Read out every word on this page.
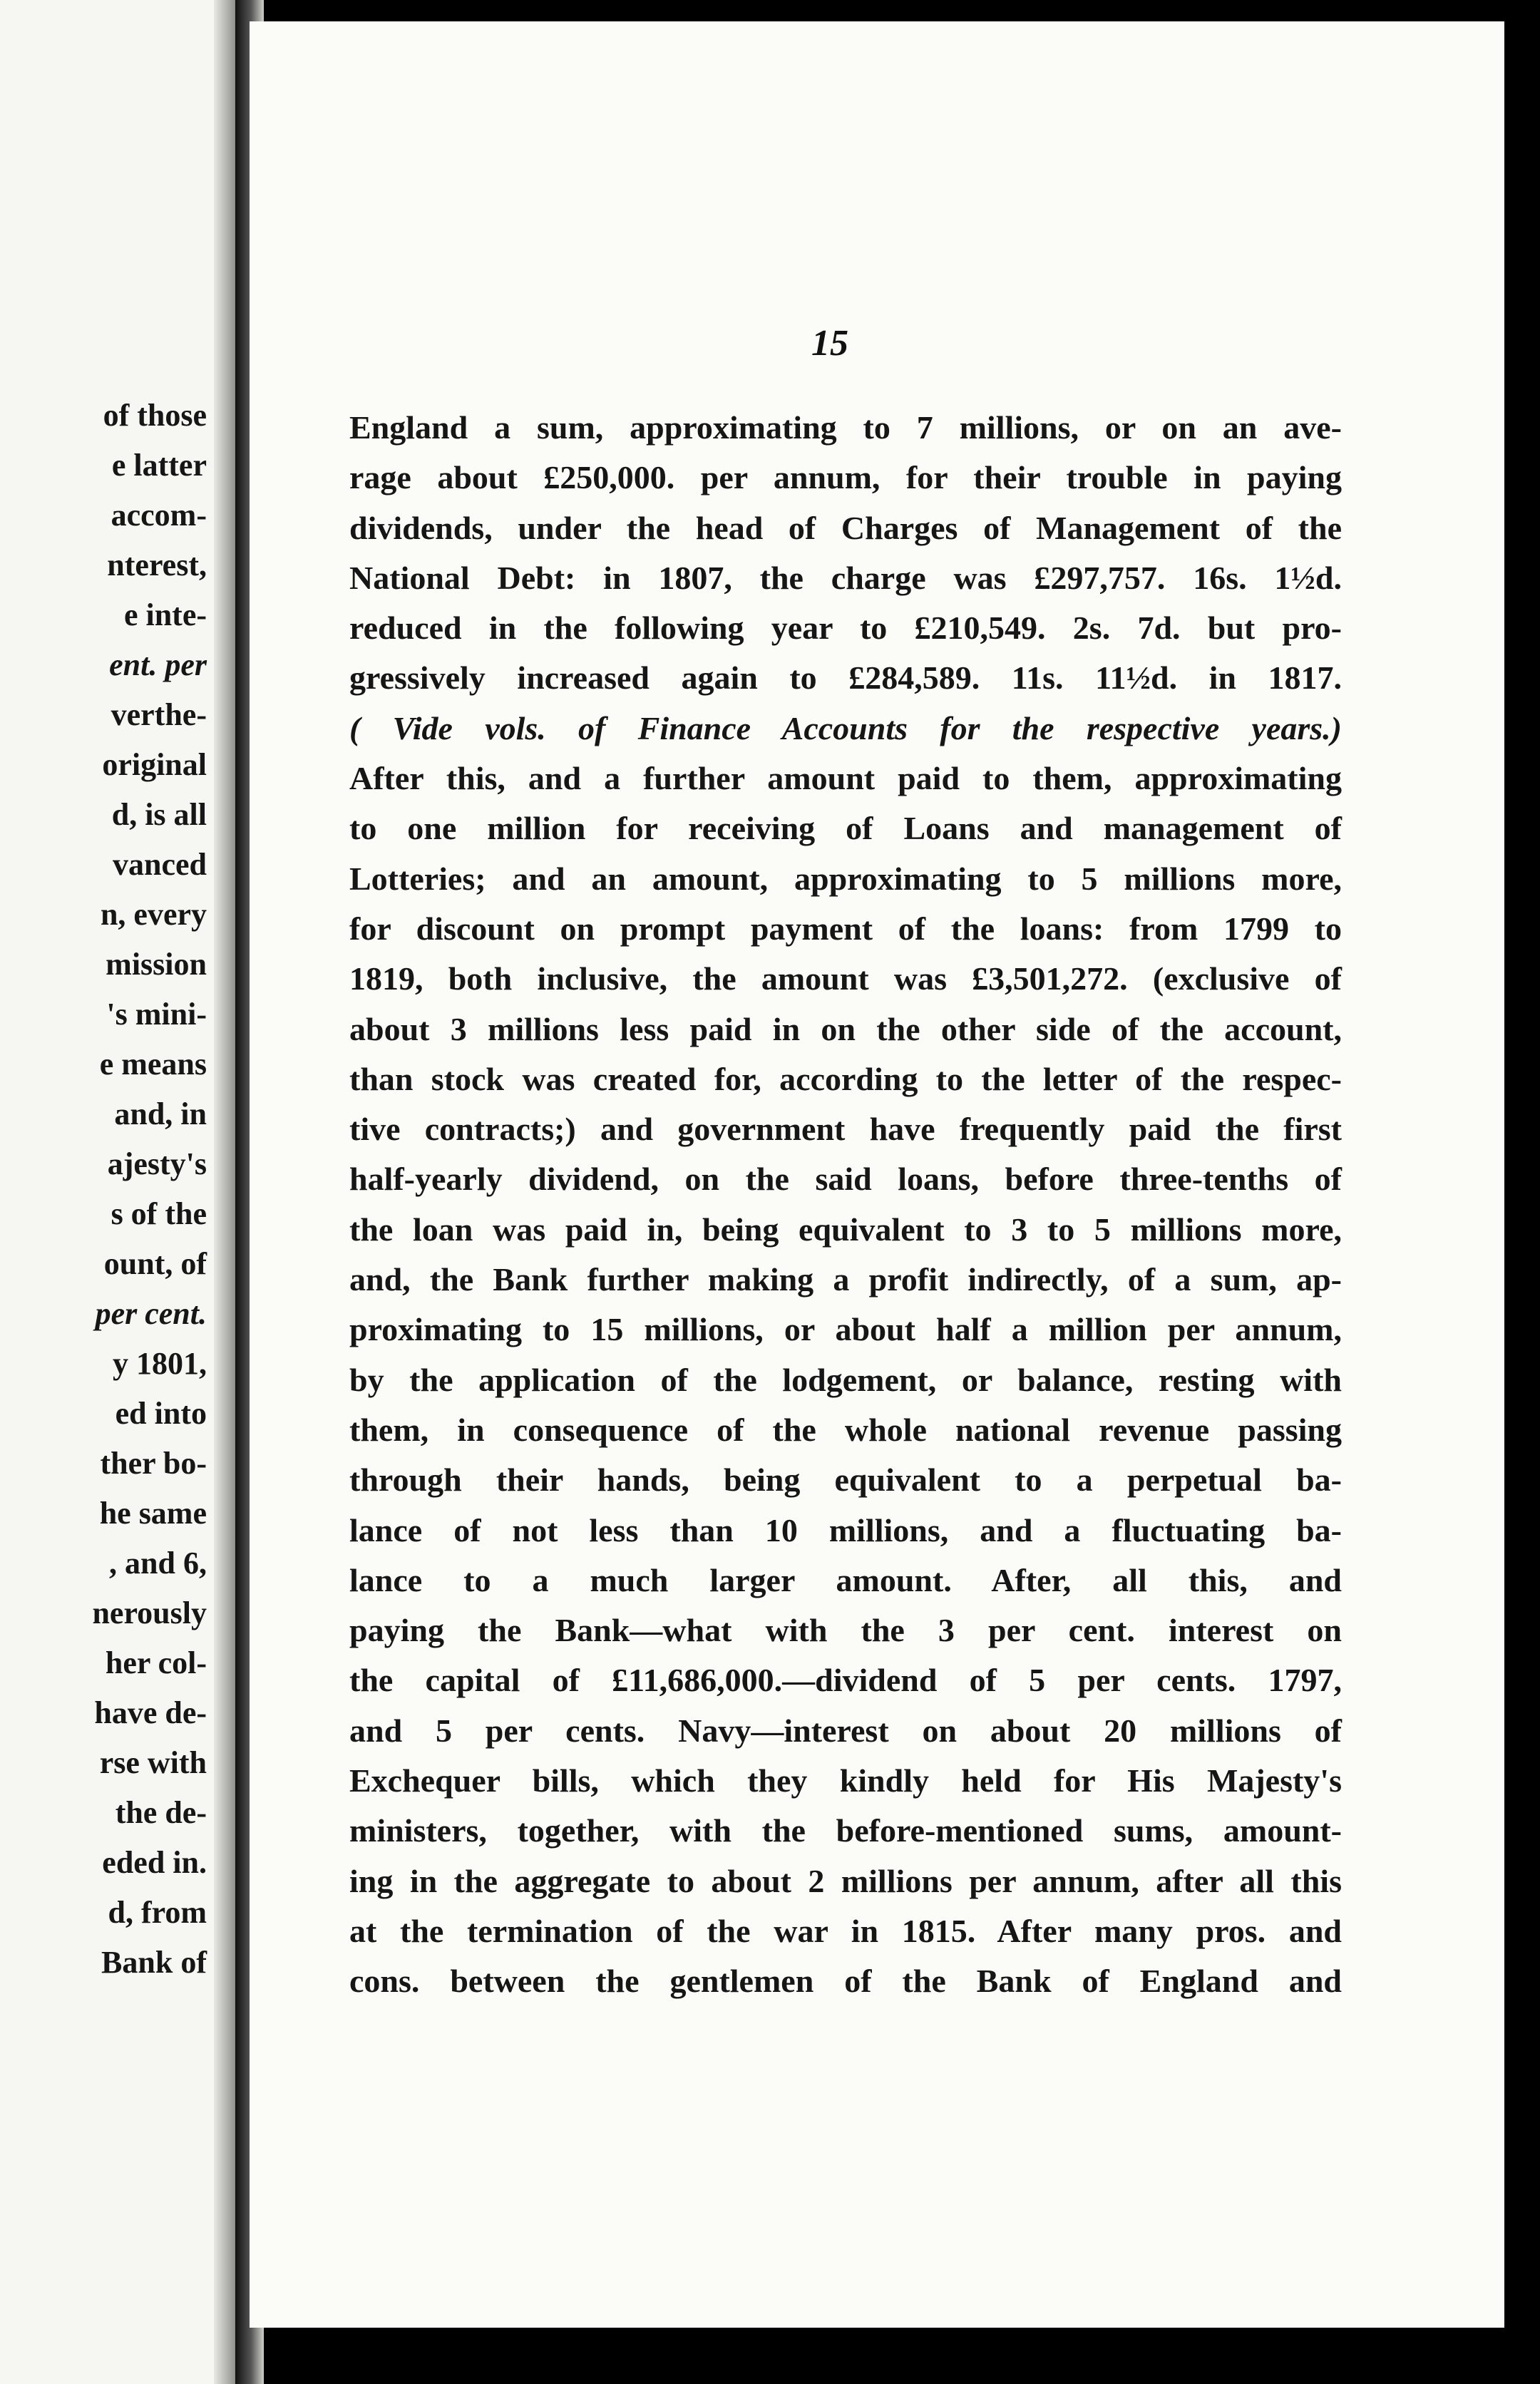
of those
e latter
accom-
nterest,
e inte-
ent. per
verthe-
original
d, is all
vanced
n, every
mission
's mini-
e means
and, in
ajesty's
s of the
ount, of
per cent.
y 1801,
ed into
ther bo-
he same
, and 6,
nerously
her col-
have de-
rse with
the de-
eded in.
d, from
Bank of
15
England a sum, approximating to 7 millions, or on an ave-
rage about £250,000. per annum, for their trouble in paying
dividends, under the head of Charges of Management of the
National Debt: in 1807, the charge was £297,757. 16s. 1½d.
reduced in the following year to £210,549. 2s. 7d. but pro-
gressively increased again to £284,589. 11s. 11½d. in 1817.
( Vide vols. of Finance Accounts for the respective years.)
After this, and a further amount paid to them, approximating
to one million for receiving of Loans and management of
Lotteries; and an amount, approximating to 5 millions more,
for discount on prompt payment of the loans: from 1799 to
1819, both inclusive, the amount was £3,501,272. (exclusive of
about 3 millions less paid in on the other side of the account,
than stock was created for, according to the letter of the respec-
tive contracts;) and government have frequently paid the first
half-yearly dividend, on the said loans, before three-tenths of
the loan was paid in, being equivalent to 3 to 5 millions more,
and, the Bank further making a profit indirectly, of a sum, ap-
proximating to 15 millions, or about half a million per annum,
by the application of the lodgement, or balance, resting with
them, in consequence of the whole national revenue passing
through their hands, being equivalent to a perpetual ba-
lance of not less than 10 millions, and a fluctuating ba-
lance to a much larger amount. After, all this, and
paying the Bank—what with the 3 per cent. interest on
the capital of £11,686,000.—dividend of 5 per cents. 1797,
and 5 per cents. Navy—interest on about 20 millions of
Exchequer bills, which they kindly held for His Majesty's
ministers, together, with the before-mentioned sums, amount-
ing in the aggregate to about 2 millions per annum, after all this
at the termination of the war in 1815. After many pros. and
cons. between the gentlemen of the Bank of England and
